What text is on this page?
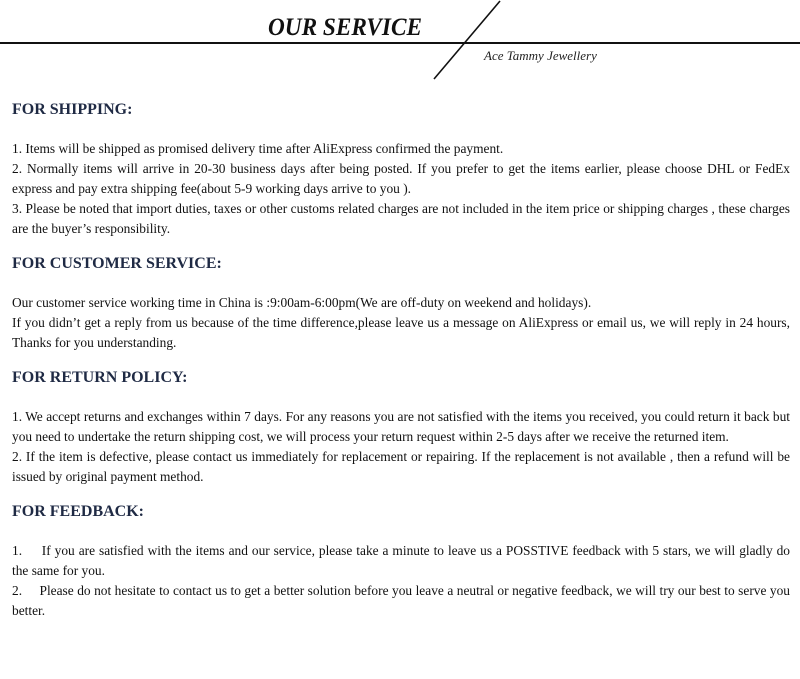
OUR SERVICE
Ace Tammy Jewellery
FOR SHIPPING:

1. Items will be shipped as promised delivery time after AliExpress confirmed the payment.

2. Normally items will arrive in 20-30 business days after being posted. If you prefer to get the items earlier, please choose DHL or FedEx express and pay extra shipping fee(about 5-9 working days arrive to you ).

3. Please be noted that import duties, taxes or other customs related charges are not included in the item price or shipping charges , these charges are the buyer’s responsibility.

FOR CUSTOMER SERVICE:

Our customer service working time in China is :9:00am-6:00pm(We are off-duty on weekend and holidays).

If you didn’t get a reply from us because of the time difference,please leave us a message on AliExpress or email us, we will reply in 24 hours, Thanks for you understanding.

FOR RETURN POLICY:

1. We accept returns and exchanges within 7 days. For any reasons you are not satisfied with the items you received, you could return it back but you need to undertake the return shipping cost, we will process your return request within 2-5 days after we receive the returned item.

2. If the item is defective, please contact us immediately for replacement or repairing. If the replacement is not available , then a refund will be issued by original payment method.

FOR FEEDBACK:

1.     If you are satisfied with the items and our service, please take a minute to leave us a POSSTIVE feedback with 5 stars, we will gladly do the same for you.

2.     Please do not hesitate to contact us to get a better solution before you leave a neutral or negative feedback, we will try our best to serve you better.
